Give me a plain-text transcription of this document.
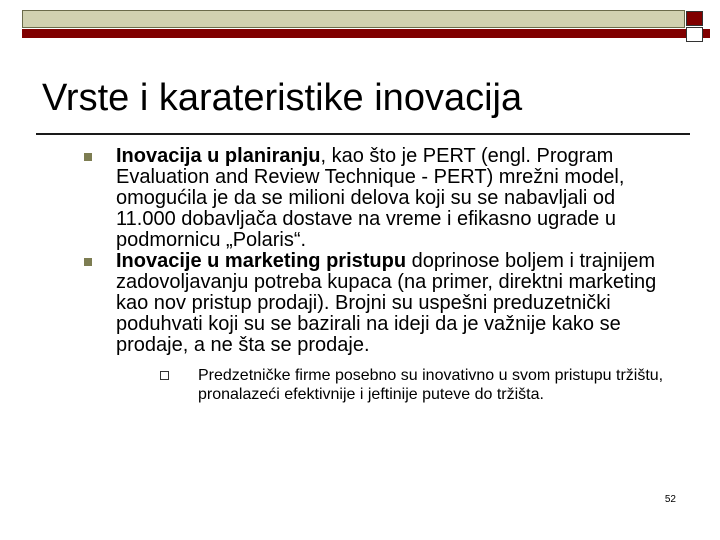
Vrste i karateristike inovacija
Inovacija u planiranju, kao što je PERT (engl. Program Evaluation and Review Technique - PERT) mrežni model, omogućila je da se milioni delova koji su se nabavljali od 11.000 dobavljača dostave na vreme i efikasno ugrade u podmornicu „Polaris“.
Inovacije u marketing pristupu doprinose boljem i trajnijem zadovoljavanju potreba kupaca (na primer, direktni marketing kao nov pristup prodaji). Brojni su uspešni preduzetnički poduhvati koji su se bazirali na ideji da je važnije kako se prodaje, a ne šta se prodaje.
Predzetničke firme posebno su inovativno u svom pristupu tržištu, pronalazeći efektivnije i jeftinije puteve do tržišta.
52
